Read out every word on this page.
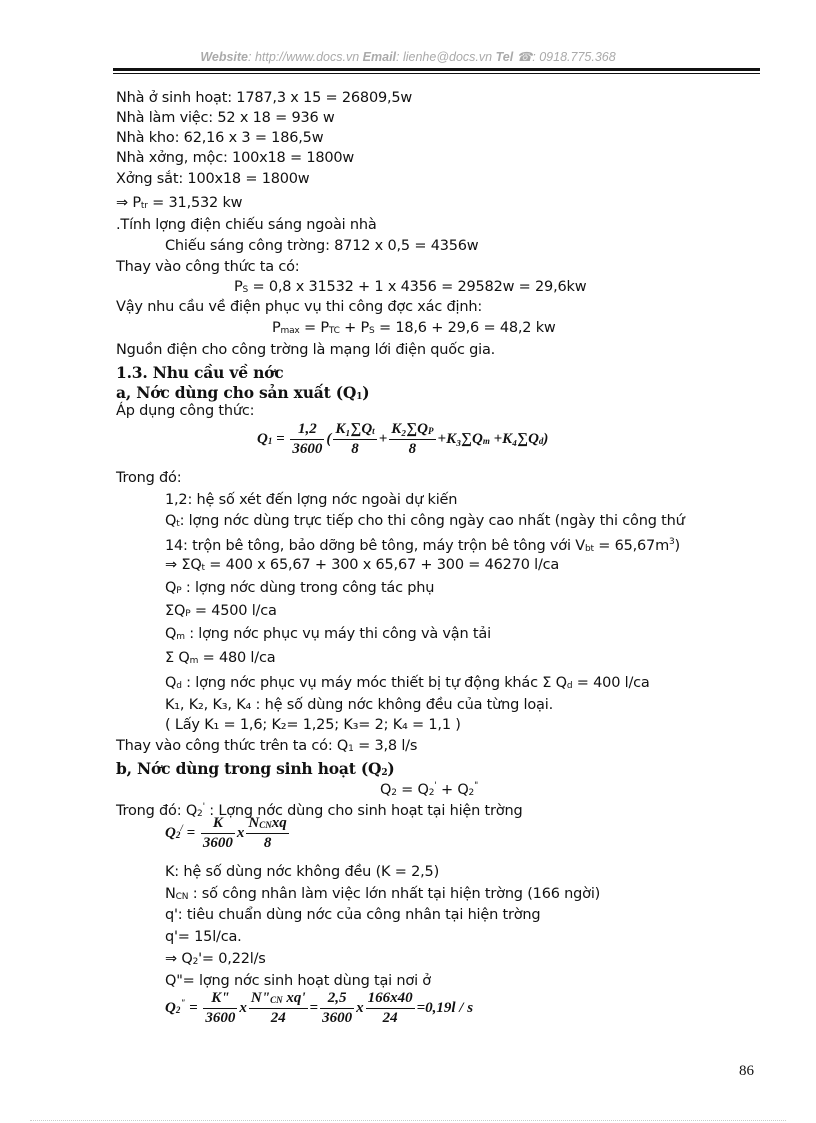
Website: http://www.docs.vn Email: lienhe@docs.vn Tel ☎: 0918.775.368
Nhà ở sinh hoạt: 1787,3 x 15 = 26809,5w
Nhà làm việc: 52 x 18 = 936 w
Nhà kho: 62,16 x 3 = 186,5w
Nhà xởng, mộc: 100x18 = 1800w
Xởng sắt: 100x18 = 1800w
⇒ Ptr = 31,532 kw
.Tính lợng điện chiếu sáng ngoài nhà
Chiếu sáng công trờng: 8712 x 0,5 = 4356w
Thay vào công thức ta có:
PS = 0,8 x 31532 + 1 x 4356 = 29582w = 29,6kw
Vậy nhu cầu về điện phục vụ thi công đợc xác định:
Pmax = PTC + PS = 18,6 + 29,6 = 48,2 kw
Nguồn điện cho công trờng là mạng lới điện quốc gia.
1.3. Nhu cầu về nớc
a, Nớc dùng cho sản xuất (Q1)
Áp dụng công thức:
$Q1 = \frac{1,2}{3600}$ ( $\frac{\text{K₁∑Qt}}{8} + \frac{\text{K₂∑QP}}{8} +K_3\sum Qm +K_4\sum Qd$)
Trong đó:
1,2: hệ số xét đến lợng nớc ngoài dự kiến
Qt: lợng nớc dùng trực tiếp cho thi công ngày cao nhất (ngày thi công thứ
14: trộn bê tông, bảo dỡng bê tông, máy trộn bê tông với Vbt = $65,67m^3$)
⇒ ΣQt = 400 x 65,67 + 300 x 65,67 + 300 = 46270 l/ca
QP : lợng nớc dùng trong công tác phụ
ΣQP = 4500 l/ca
Qm : lợng nớc phục vụ máy thi công và vận tải
Σ Qm = 480 l/ca
Qd : lợng nớc phục vụ máy móc thiết bị tự động khác Σ Qd = 400 l/ca
K₁, K₂, K₃, K₄ : hệ số dùng nớc không đều của từng loại.
( Lấy K₁ = 1,6; K₂= 1,25; K₃= 2; K₄ = 1,1 )
Thay vào công thức trên ta có: Q1 = 3,8 l/s
b, Nớc dùng trong sinh hoạt (Q2)
Q2 = Q2' + Q2"
Trong đó: Q2' : Lợng nớc dùng cho sinh hoạt tại hiện trờng
$Q2^/ = \frac{K}{3600}$ x $\frac{\text{NCNxq}}{8}$
K: hệ số dùng nớc không đều (K = 2,5)
NCN : số công nhân làm việc lớn nhất tại hiện trờng (166 ngời)
q': tiêu chuẩn dùng nớc của công nhân tại hiện trờng
q'= 15l/ca.
⇒ Q2'= 0,22l/s
Q"= lợng nớc sinh hoạt dùng tại nơi ở
$Q2^" = \frac{K"}{3600}$ x $\frac{\text{N"CN xq'}}{24} = \frac{2,5}{3600}$ x $\frac{166x40}{24} =0,19l / s$
86
